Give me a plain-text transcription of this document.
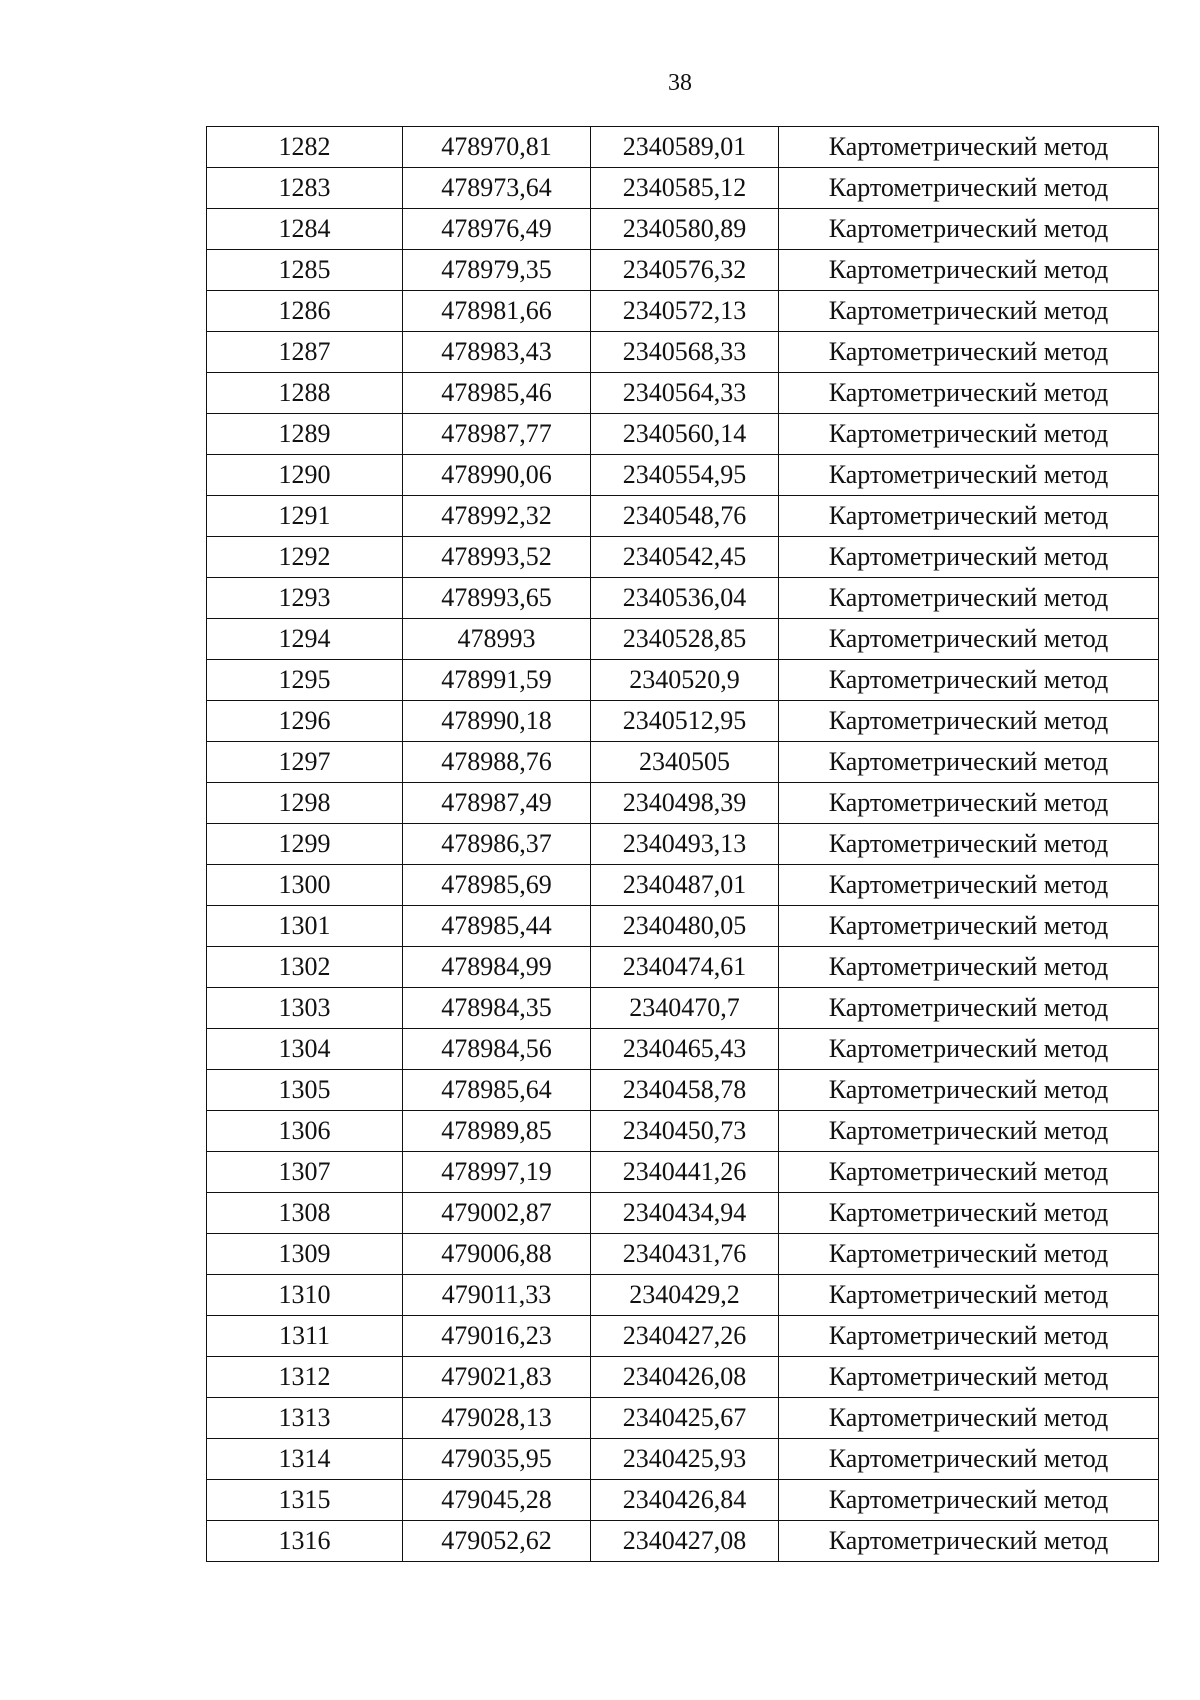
38
1282	478970,81	2340589,01	Картометрический метод
1283	478973,64	2340585,12	Картометрический метод
1284	478976,49	2340580,89	Картометрический метод
1285	478979,35	2340576,32	Картометрический метод
1286	478981,66	2340572,13	Картометрический метод
1287	478983,43	2340568,33	Картометрический метод
1288	478985,46	2340564,33	Картометрический метод
1289	478987,77	2340560,14	Картометрический метод
1290	478990,06	2340554,95	Картометрический метод
1291	478992,32	2340548,76	Картометрический метод
1292	478993,52	2340542,45	Картометрический метод
1293	478993,65	2340536,04	Картометрический метод
1294	478993	2340528,85	Картометрический метод
1295	478991,59	2340520,9	Картометрический метод
1296	478990,18	2340512,95	Картометрический метод
1297	478988,76	2340505	Картометрический метод
1298	478987,49	2340498,39	Картометрический метод
1299	478986,37	2340493,13	Картометрический метод
1300	478985,69	2340487,01	Картометрический метод
1301	478985,44	2340480,05	Картометрический метод
1302	478984,99	2340474,61	Картометрический метод
1303	478984,35	2340470,7	Картометрический метод
1304	478984,56	2340465,43	Картометрический метод
1305	478985,64	2340458,78	Картометрический метод
1306	478989,85	2340450,73	Картометрический метод
1307	478997,19	2340441,26	Картометрический метод
1308	479002,87	2340434,94	Картометрический метод
1309	479006,88	2340431,76	Картометрический метод
1310	479011,33	2340429,2	Картометрический метод
1311	479016,23	2340427,26	Картометрический метод
1312	479021,83	2340426,08	Картометрический метод
1313	479028,13	2340425,67	Картометрический метод
1314	479035,95	2340425,93	Картометрический метод
1315	479045,28	2340426,84	Картометрический метод
1316	479052,62	2340427,08	Картометрический метод
